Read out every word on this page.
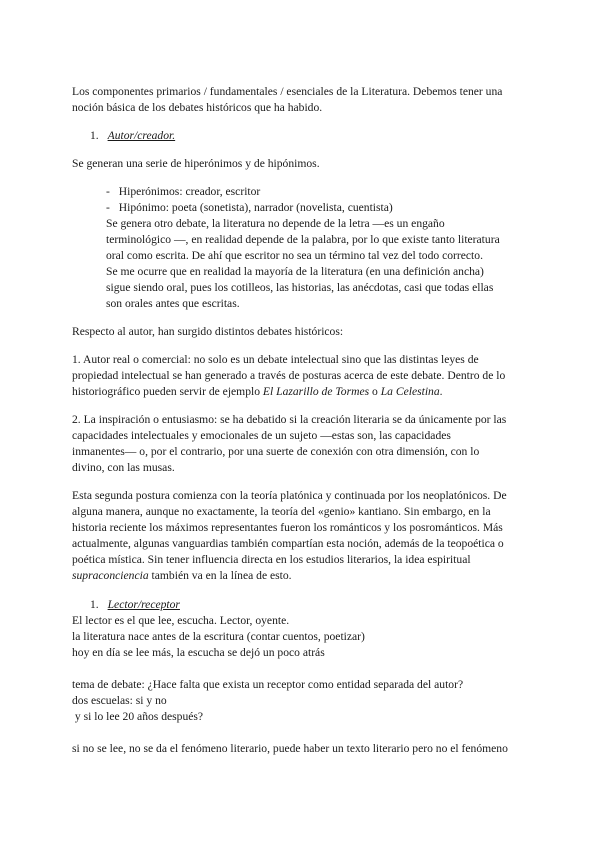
Los componentes primarios / fundamentales / esenciales de la Literatura. Debemos tener una
noción básica de los debates históricos que ha habido.
1. Autor/creador.
Se generan una serie de hiperónimos y de hipónimos.
- Hiperónimos: creador, escritor
- Hipónimo: poeta (sonetista), narrador (novelista, cuentista)
Se genera otro debate, la literatura no depende de la letra —es un engaño
terminológico —, en realidad depende de la palabra, por lo que existe tanto literatura
oral como escrita. De ahí que escritor no sea un término tal vez del todo correcto.
Se me ocurre que en realidad la mayoría de la literatura (en una definición ancha)
sigue siendo oral, pues los cotilleos, las historias, las anécdotas, casi que todas ellas
son orales antes que escritas.
Respecto al autor, han surgido distintos debates históricos:
1. Autor real o comercial: no solo es un debate intelectual sino que las distintas leyes de
propiedad intelectual se han generado a través de posturas acerca de este debate. Dentro de lo
historiográfico pueden servir de ejemplo El Lazarillo de Tormes o La Celestina.
2. La inspiración o entusiasmo: se ha debatido si la creación literaria se da únicamente por las
capacidades intelectuales y emocionales de un sujeto —estas son, las capacidades
inmanentes— o, por el contrario, por una suerte de conexión con otra dimensión, con lo
divino, con las musas.
Esta segunda postura comienza con la teoría platónica y continuada por los neoplatónicos. De
alguna manera, aunque no exactamente, la teoría del «genio» kantiano. Sin embargo, en la
historia reciente los máximos representantes fueron los románticos y los posrománticos. Más
actualmente, algunas vanguardias también compartían esta noción, además de la teopoética o
poética mística. Sin tener influencia directa en los estudios literarios, la idea espiritual
supraconciencia también va en la línea de esto.
1. Lector/receptor
El lector es el que lee, escucha. Lector, oyente.
la literatura nace antes de la escritura (contar cuentos, poetizar)
hoy en día se lee más, la escucha se dejó un poco atrás
tema de debate: ¿Hace falta que exista un receptor como entidad separada del autor?
dos escuelas: si y no
y si lo lee 20 años después?
si no se lee, no se da el fenómeno literario, puede haber un texto literario pero no el fenómeno
